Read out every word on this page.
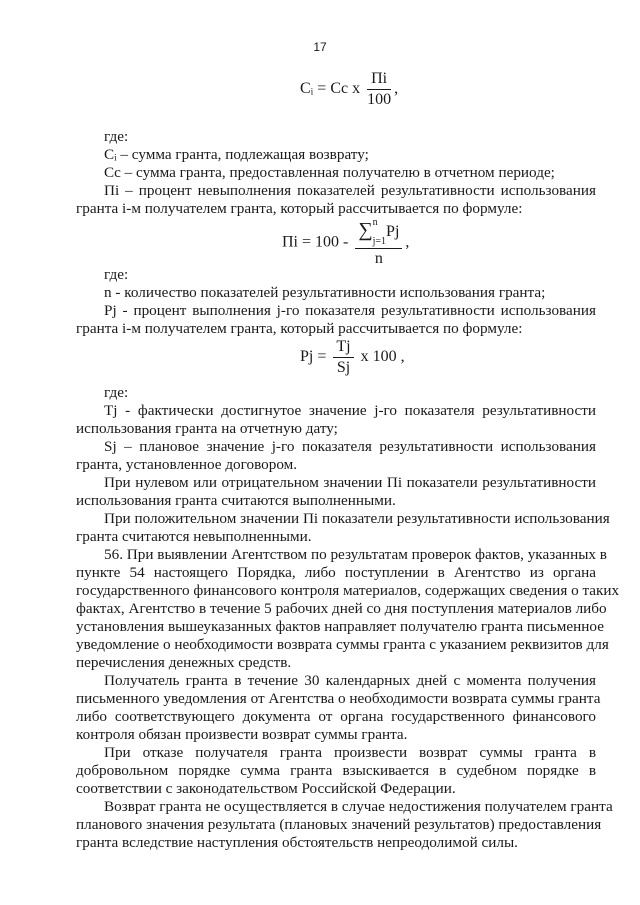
17
Cᵢ = Cс x $\frac{Пi}{100}$ ,
Пi = 100 -
∑$^n$
$_{j=1}$Pj
n
,
$Pj = \frac{Tj}{Sj}$ x 100 ,
где:
Cᵢ – сумма гранта, подлежащая возврату;
Cс – сумма гранта, предоставленная получателю в отчетном периоде;
Пi – процент невыполнения показателей результативности использования
гранта i-м получателем гранта, который рассчитывается по формуле:
где:
n - количество показателей результативности использования гранта;
Pj - процент выполнения j-го показателя результативности использования
гранта i-м получателем гранта, который рассчитывается по формуле:
где:
Tj - фактически достигнутое значение j-го показателя результативности
использования гранта на отчетную дату;
Sj – плановое значение j-го показателя результативности использования
гранта, установленное договором.
При нулевом или отрицательном значении Пi показатели результативности
использования гранта считаются выполненными.
При положительном значении Пi показатели результативности использования
гранта считаются невыполненными.
56. При выявлении Агентством по результатам проверок фактов, указанных в
пункте 54 настоящего Порядка, либо поступлении в Агентство из органа
государственного финансового контроля материалов, содержащих сведения о таких
фактах, Агентство в течение 5 рабочих дней со дня поступления материалов либо
установления вышеуказанных фактов направляет получателю гранта письменное
уведомление о необходимости возврата суммы гранта с указанием реквизитов для
перечисления денежных средств.
Получатель гранта в течение 30 календарных дней с момента получения
письменного уведомления от Агентства о необходимости возврата суммы гранта
либо соответствующего документа от органа государственного финансового
контроля обязан произвести возврат суммы гранта.
При отказе получателя гранта произвести возврат суммы гранта в
добровольном порядке сумма гранта взыскивается в судебном порядке в
соответствии с законодательством Российской Федерации.
Возврат гранта не осуществляется в случае недостижения получателем гранта
планового значения результата (плановых значений результатов) предоставления
гранта вследствие наступления обстоятельств непреодолимой силы.
